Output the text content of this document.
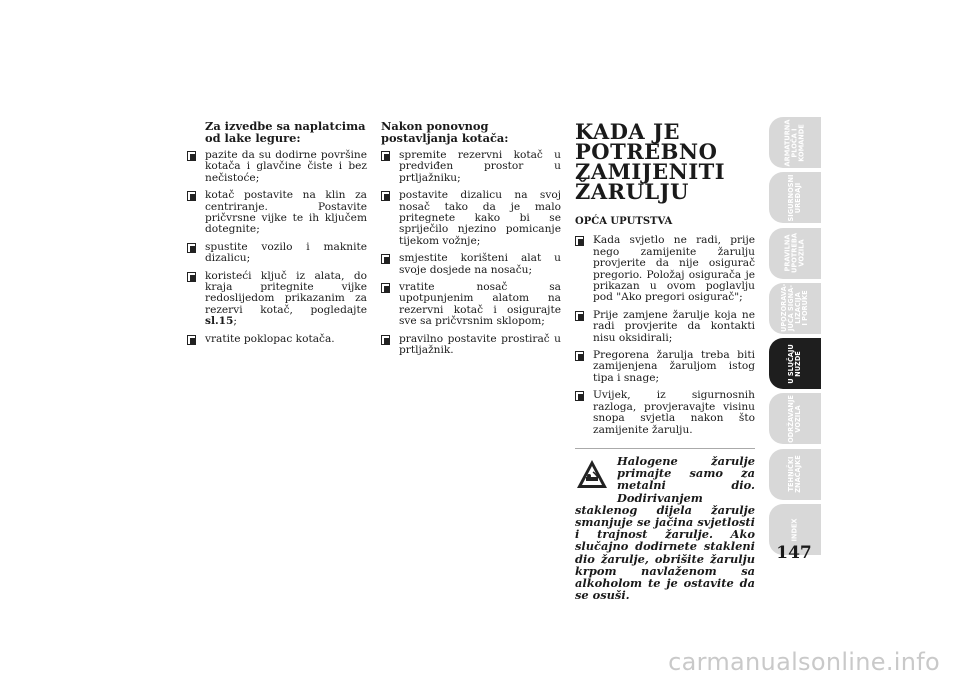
Za izvedbe sa naplatcima od lake legure:

pazite da su dodirne površine kotača i glavčine čiste i bez nečistoće;
kotač postavite na klin za centriranje. Postavite pričvrsne vijke te ih ključem dotegnite;
spustite vozilo i maknite dizalicu;
koristeći ključ iz alata, do kraja pritegnite vijke redoslijedom prikazanim za rezervi kotač, pogledajte sl.15;
vratite poklopac kotača.

Nakon ponovnog postavljanja kotača:

spremite rezervni kotač u predviđen prostor u prtljažniku;
postavite dizalicu na svoj nosač tako da je malo pritegnete kako bi se spriječilo njezino pomicanje tijekom vožnje;
smjestite korišteni alat u svoje dosjede na nosaču;
vratite nosač sa upotpunjenim alatom na rezervni kotač i osigurajte sve sa pričvrsnim sklopom;
pravilno postavite prostirač u prtljažnik.
KADA JE
POTREBNO
ZAMIJENITI
ŽARULJU

OPĆA UPUTSTVA

Kada svjetlo ne radi, prije nego zamijenite žarulju provjerite da nije osigurač pregorio. Položaj osigurača je prikazan u ovom poglavlju pod "Ako pregori osigurač";
Prije zamjene žarulje koja ne radi provjerite da kontakti nisu oksidirali;
Pregorena žarulja treba biti zamijenjena žaruljom istog tipa i snage;
Uvijek, iz sigurnosnih razloga, provjeravajte visinu snopa svjetla nakon što zamijenite žarulju.
Halogene žarulje primajte samo za metalni dio. Dodirivanjem staklenog dijela žarulje smanjuje se jačina svjetlosti i trajnost žarulje. Ako slučajno dodirnete stakleni dio žarulje, obrišite žarulju krpom navlaženom sa alkoholom te je ostavite da se osuši.
ARMATURNA
PLOČA I
KOMANDE
SIGURNOSNI
UREĐAJI
PRAVILNA
UPOTREBA
VOZILA
UPOZORAVA-
JUĆA SIGNA-
LIZACIJA
I PORUKE
U SLUČAJU
NUŽDE
ODRŽAVANJE
VOZILA
TEHNIČKI
ZNAČAJKE
INDEX
147
carmanualsonline.info
